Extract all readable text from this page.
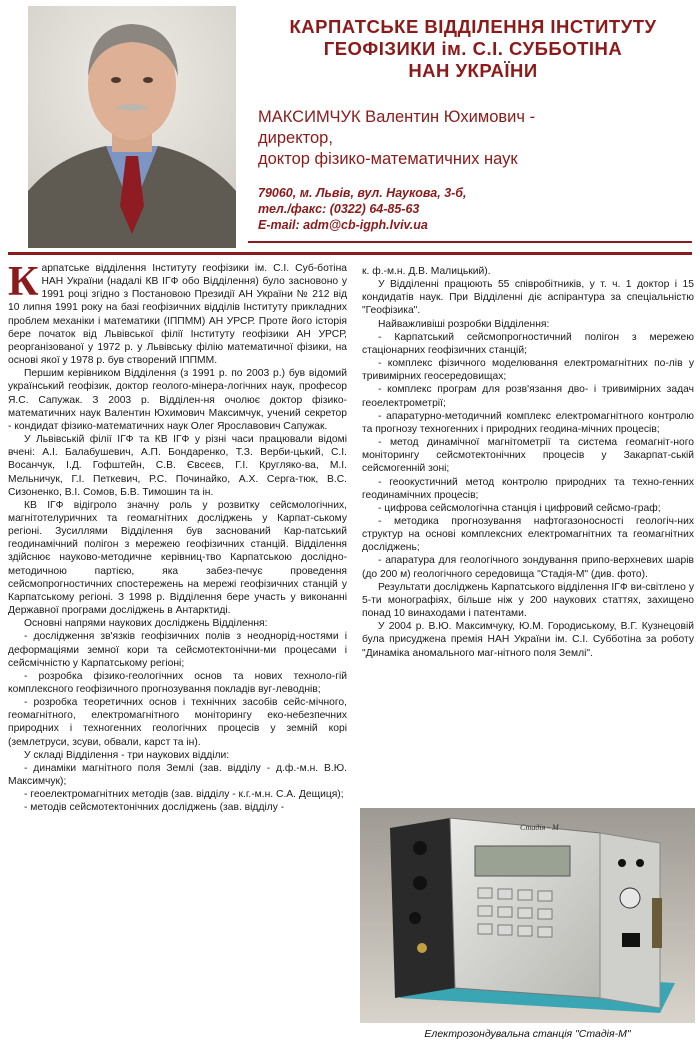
КАРПАТСЬКЕ ВІДДІЛЕННЯ ІНСТИТУТУ
ГЕОФІЗИКИ ім. С.І. СУББОТІНА
НАН УКРАЇНИ
МАКСИМЧУК Валентин Юхимович -
директор,
доктор фізико-математичних наук
79060, м. Львів, вул. Наукова, 3-б,
тел./факс: (0322) 64-85-63
E-mail: adm@cb-igph.lviv.ua

Карпатське відділення Інституту геофізики ім. С.І. Суб-ботіна НАН України (надалі КВ ІГФ обо Відділення) було засновоно у 1991 році згідно з Постановою Президії АН України № 212 від 10 липня 1991 року на базі геофізичних відділів Інституту прикладних проблем механіки і математики (ІППММ) АН УРСР. Проте його історія бере початок від Львівської філії Інституту геофізики АН УРСР, реорганізованої у 1972 р. у Львівську філію математичної фізики, на основі якої у 1978 р. був створений ІППММ.

Першим керівником Відділення (з 1991 р. по 2003 р.) був відомий український геофізик, доктор геолого-мінера-логічних наук, професор Я.С. Сапужак. З 2003 р. Відділен-ня очолює доктор фізико-математичних наук Валентин Юхимович Максимчук, учений секретор - кондидат фізико-математичних наук Олег Ярославович Сапужак.

У Львівській філії ІГФ та КВ ІГФ у різні часи працювали відомі вчені: А.І. Балабушевич, А.П. Бондаренко, Т.З. Верби-цький, С.І. Восанчук, І.Д. Гофштейн, С.В. Євсеєв, Г.І. Кругляко-ва, М.І. Мельничук, Г.І. Петкевич, Р.С. Починайко, А.Х. Серга-тюк, В.С. Сизоненко, В.І. Сомов, Б.В. Тимошин та ін.

КВ ІГФ відігроло значну роль у розвитку сейсмологічних, магнітотелуричних та геомагнітних досліджень у Карпат-ському регіоні. Зусиллями Відділення був заснований Кар-патський геодинамічний полігон з мережею геофізичних станцій. Відділення здійснює нaуково-методичне керівниц-тво Карпатською дослідно-методичною партією, яка забез-печує проведення сейсмопрогностичних спостережень на мережі геофізичних станцій у Карпатському регіоні. З 1998 р. Відділення бере участь у виконанні Державної програми досліджень в Антарктиді.

Основні напрями наукових досліджень Відділення:

- дослідження зв'язків геофізичних полів з неоднорід-ностями і деформаціями земної кори та сейсмотектонічни-ми процесами і сейсмічністю у Карпатському регіоні;

- розробка фізико-геологічних основ та нових техноло-гій комплексного геофізичного прогнозування покладів вуг-леводнів;

- розробка теоретичних основ і технічних засобів сейс-мічного, геомагнітного, електромагнітного моніторингу еко-небезпечних природних і техногенних геологічних процесів у земній корі (землетруси, зсуви, обвали, карст та ін).

У складі Відділення - три наукових відділи:

- динаміки магнітного поля Землі (зав. відділу - д.ф.-м.н. В.Ю. Максимчук);

- геоелектромагнітних методів (зав. відділу - к.г.-м.н. С.А. Дещиця);

- методів сейсмотектонічних досліджень (зав. відділу -

к. ф.-м.н. Д.В. Малицький).

У Відділенні працюють 55 співробітників, у т. ч. 1 доктор і 15 кондидатів наук. При Відділенні діє аспірантура за спеціальністю "Геофізика".

Найважливіші розробки Відділення:

- Карпатський сейсмопрогностичний полігон з мережею стаціонарних геофізичних станцій;

- комплекс фізичного моделювання електромагнітних по-лів у тривимірних геосередовищах;

- комплекс програм для розв'язання дво- і тривимірних задач геоелектрометрії;

- апаратурно-методичний комплекс електромагнітного контролю та прогнозу техногенних і природних геодина-мічних процесів;

- метод динамічної магнітометрії та система геомагніт-ного моніторингу сейсмотектонічних процесів у Закарпат-ській сейсмогенній зоні;

- геоокустичний метод контролю природних та техно-генних геодинамічних процесів;

- цифрова сейсмологічна станція і цифровий сейсмо-граф;

- методика прогнозування нафтогазоносності геологіч-них структур на основі комплексних електромагнітних та геомагнітних досліджень;

- апаратура для геологічного зондування припо-верхневих шарів (до 200 м) геологічного середовища "Стадія-М" (див. фото).

Результати досліджень Карпатського відділення ІГФ ви-світлено у 5-ти монографіях, більше ніж у 200 наукових статтях, захищено понад 10 винаходами і патентами.

У 2004 р. В.Ю. Максимчуку, Ю.М. Городиському, В.Г. Кузнецовій була присуджена премія НАН України ім. С.І. Субботіна за роботу "Динаміка аномального маг-нітного поля Землі".

Стадія - М
Електрозондувальна станція "Стадія-М"
